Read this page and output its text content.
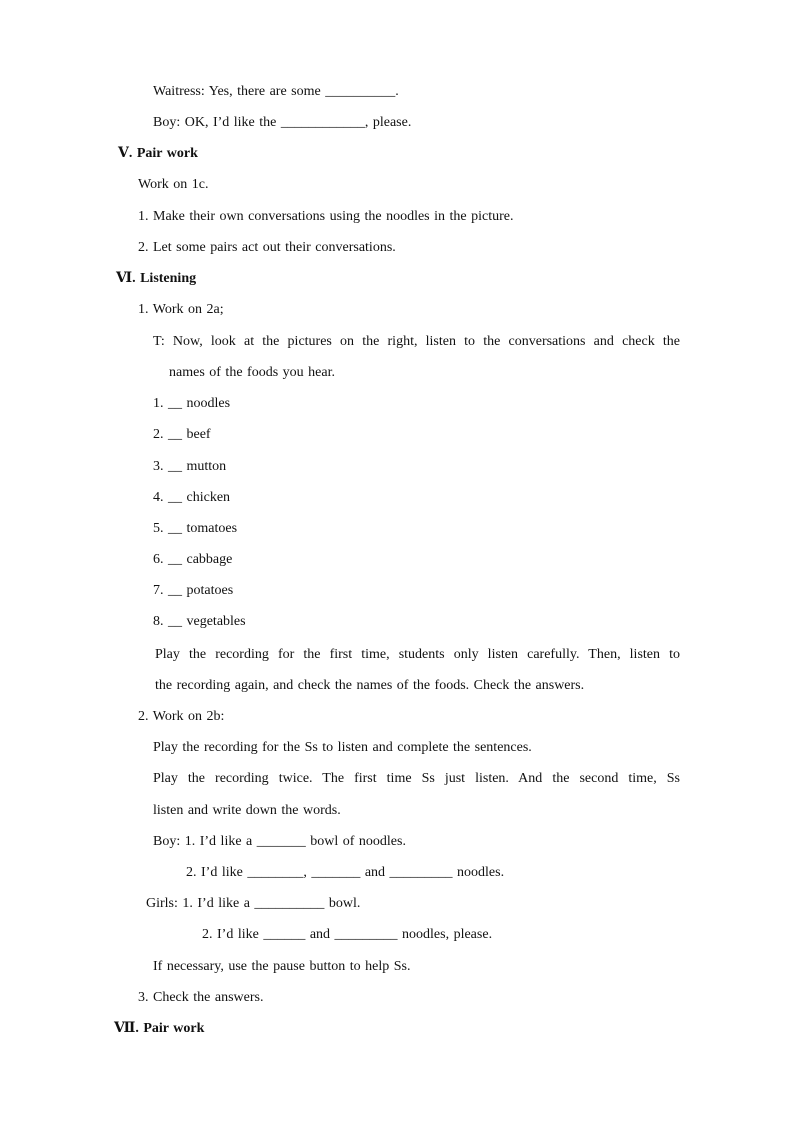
Waitress: Yes, there are some __________.
Boy: OK, I’d like the ____________, please.
Ⅴ. Pair work
Work on 1c.
1. Make their own conversations using the noodles in the picture.
2. Let some pairs act out their conversations.
Ⅵ. Listening
1. Work on 2a;
T: Now, look at the pictures on the right, listen to the conversations and check the
names of the foods you hear.
1. __ noodles
2. __ beef
3. __ mutton
4. __ chicken
5. __ tomatoes
6. __ cabbage
7. __ potatoes
8. __ vegetables
Play the recording for the first time, students only listen carefully. Then, listen to
the recording again, and check the names of the foods. Check the answers.
2. Work on 2b:
Play the recording for the Ss to listen and complete the sentences.
Play the recording twice. The first time Ss just listen. And the second time, Ss
listen and write down the words.
Boy: 1. I’d like a _______ bowl of noodles.
2. I’d like ________, _______ and _________ noodles.
Girls: 1. I’d like a __________ bowl.
2. I’d like ______ and _________ noodles, please.
If necessary, use the pause button to help Ss.
3. Check the answers.
Ⅶ. Pair work
